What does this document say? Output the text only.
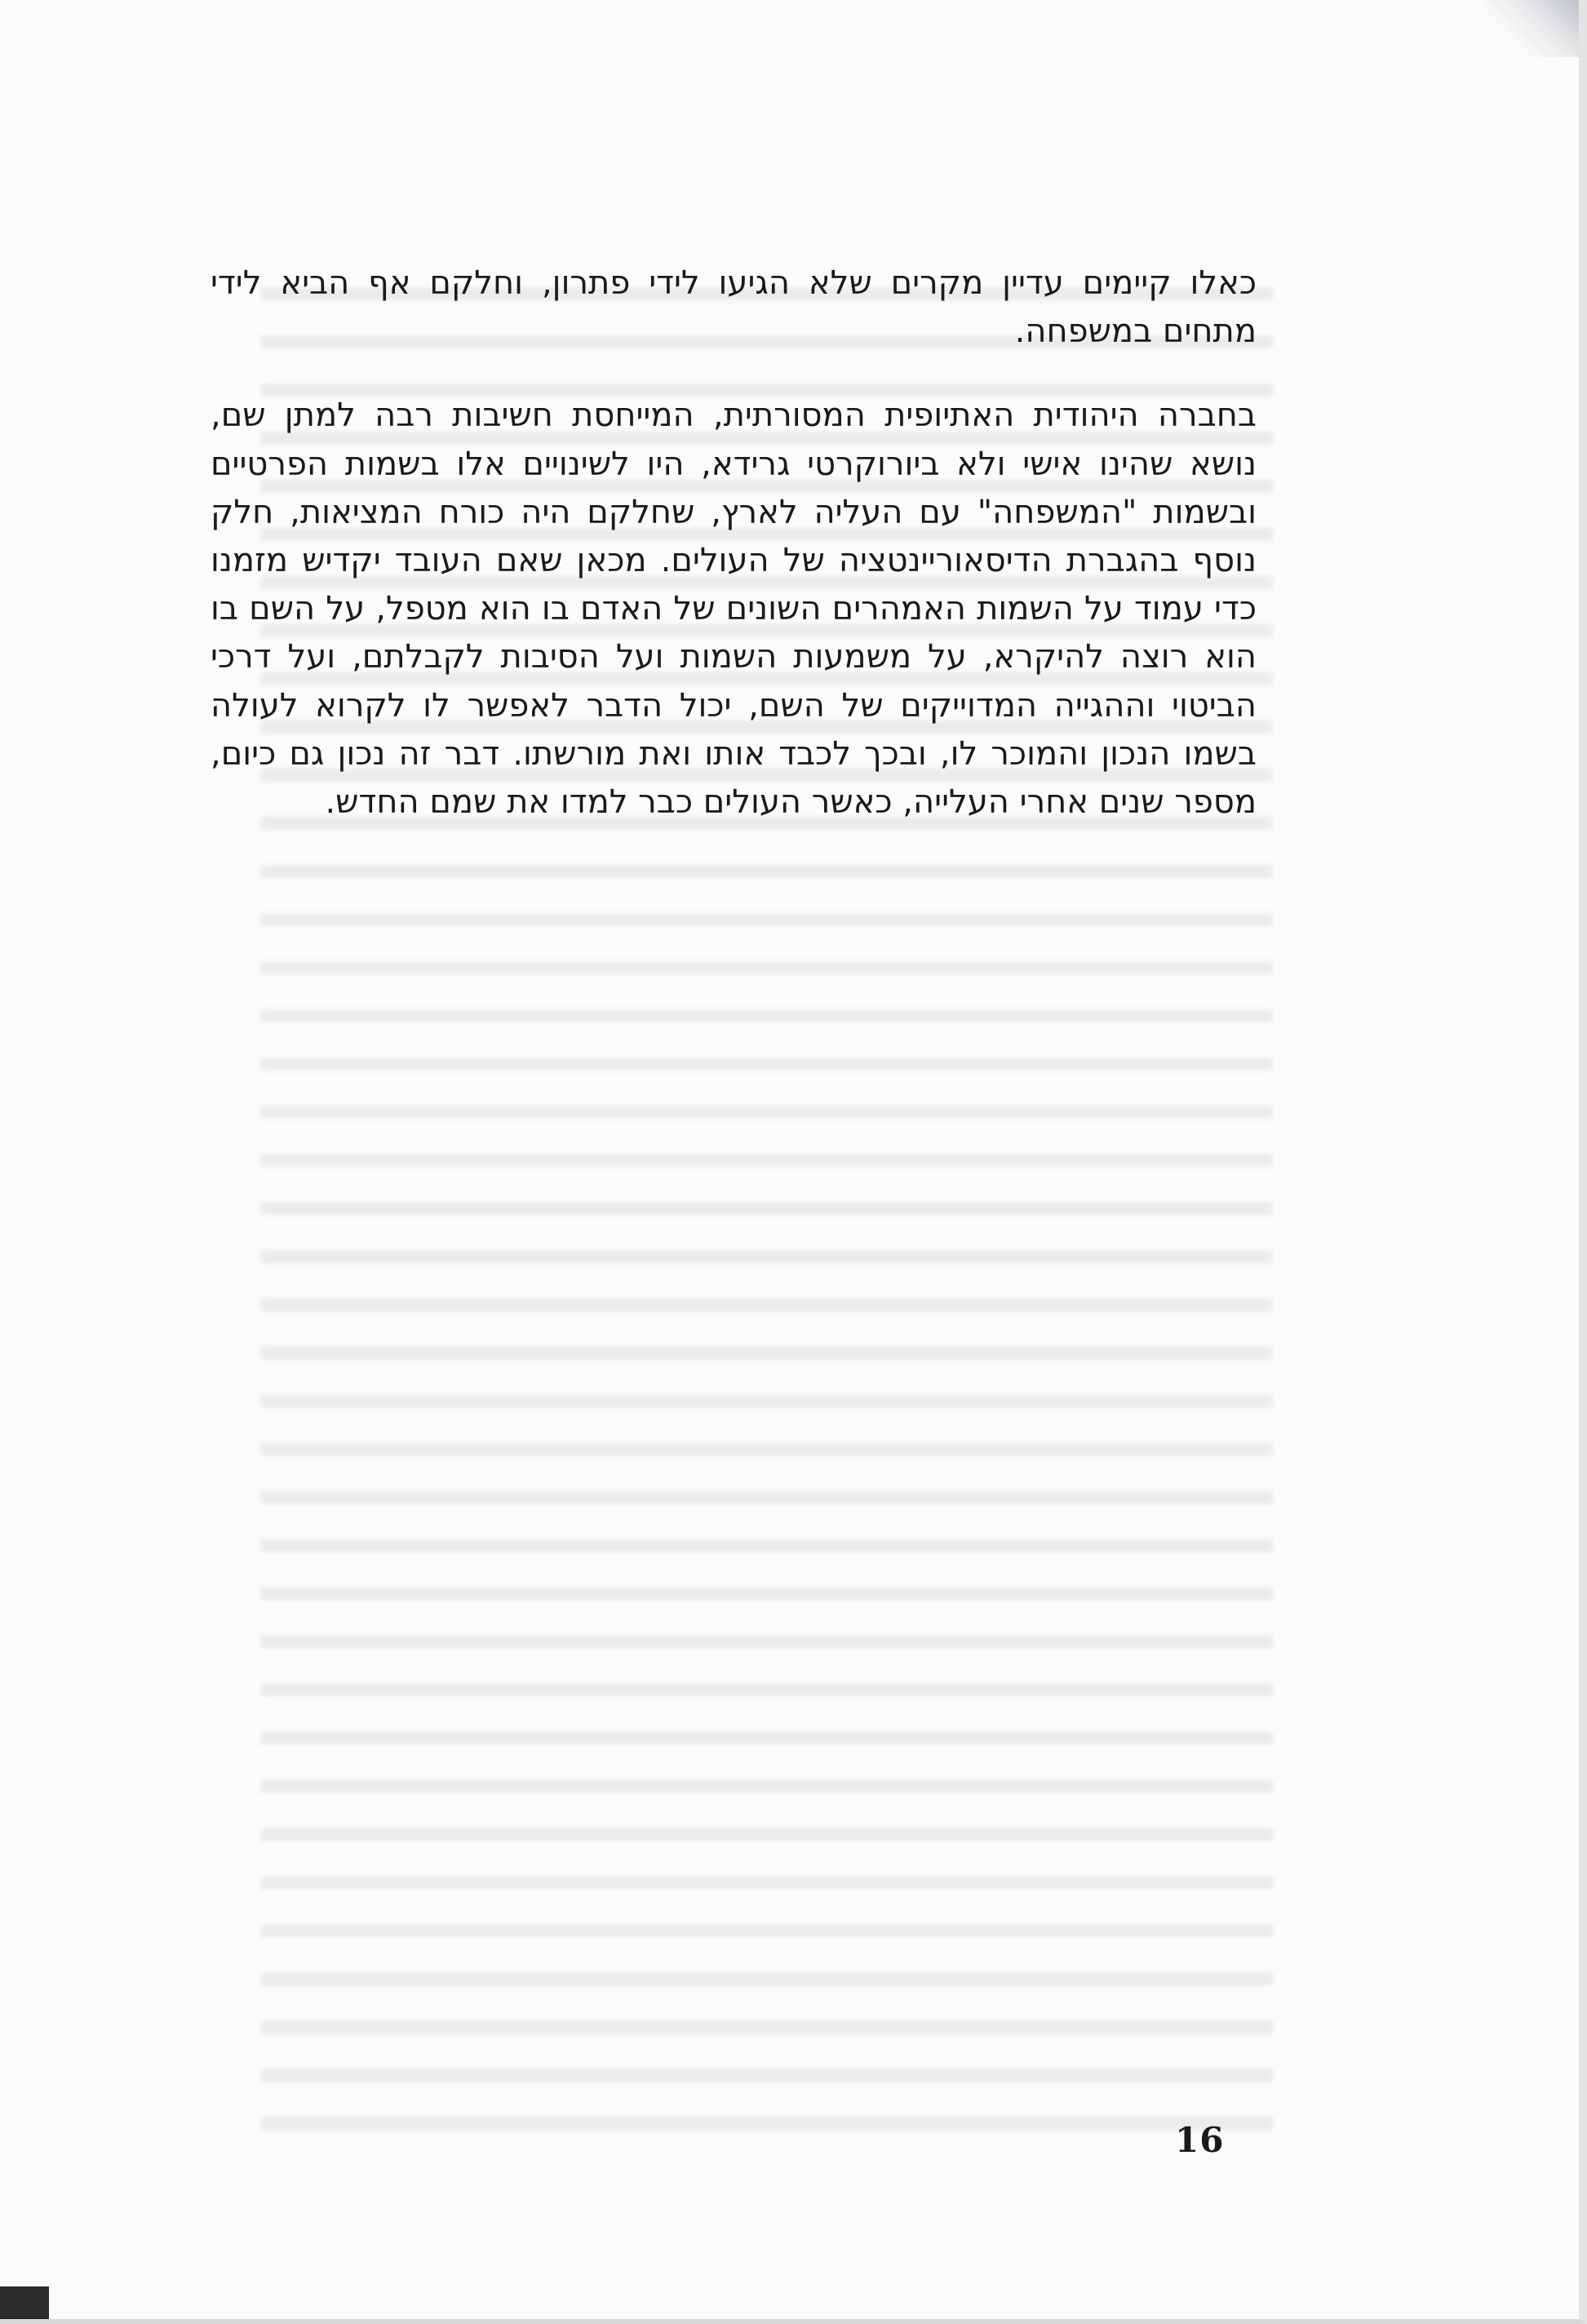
כאלו קיימים עדיין מקרים שלא הגיעו לידי פתרון, וחלקם אף הביא לידי מתחים במשפחה.

בחברה היהודית האתיופית המסורתית, המייחסת חשיבות רבה למתן שם, נושא שהינו אישי ולא ביורוקרטי גרידא, היו לשינויים אלו בשמות הפרטיים ובשמות "המשפחה" עם העליה לארץ, שחלקם היה כורח המציאות, חלק נוסף בהגברת הדיסאוריינטציה של העולים. מכאן שאם העובד יקדיש מזמנו כדי עמוד על השמות האמהרים השונים של האדם בו הוא מטפל, על השם בו הוא רוצה להיקרא, על משמעות השמות ועל הסיבות לקבלתם, ועל דרכי הביטוי וההגייה המדוייקים של השם, יכול הדבר לאפשר לו לקרוא לעולה בשמו הנכון והמוכר לו, ובכך לכבד אותו ואת מורשתו. דבר זה נכון גם כיום, מספר שנים אחרי העלייה, כאשר העולים כבר למדו את שמם החדש.

16
